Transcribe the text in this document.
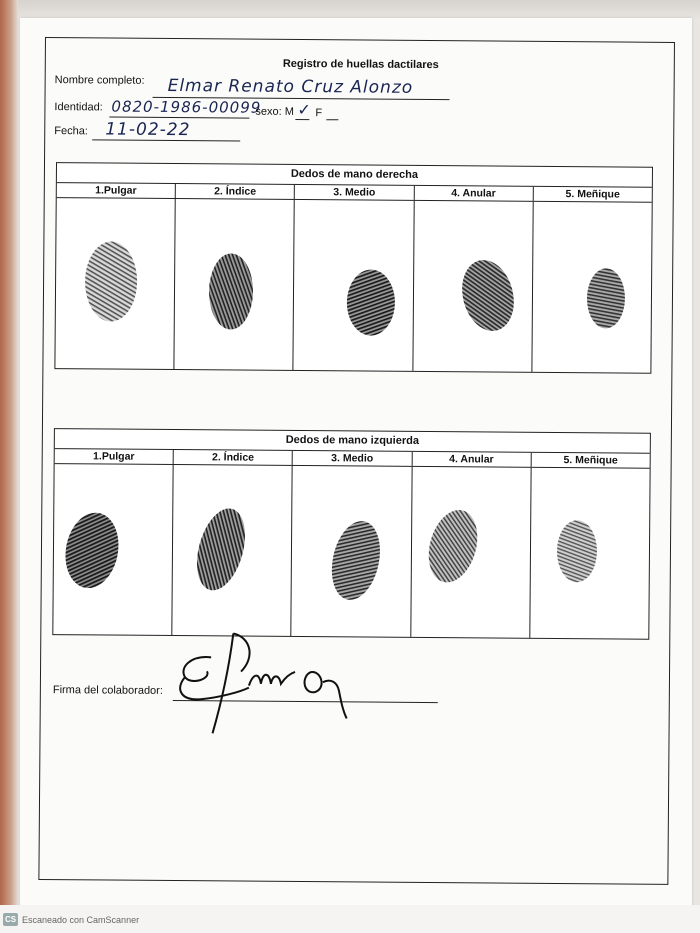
Registro de huellas dactilares
Nombre completo: Elmar Renato Cruz Alonzo
Identidad: 0820-1986-00099
sexo: M ✓ F
Fecha: 11-02-22
Dedos de mano derecha
1.Pulgar	2. Índice	3. Medio	4. Anular	5. Meñique
Dedos de mano izquierda
1.Pulgar	2. Índice	3. Medio	4. Anular	5. Meñique
Firma del colaborador:
Elmar Cruz
CS Escaneado con CamScanner
